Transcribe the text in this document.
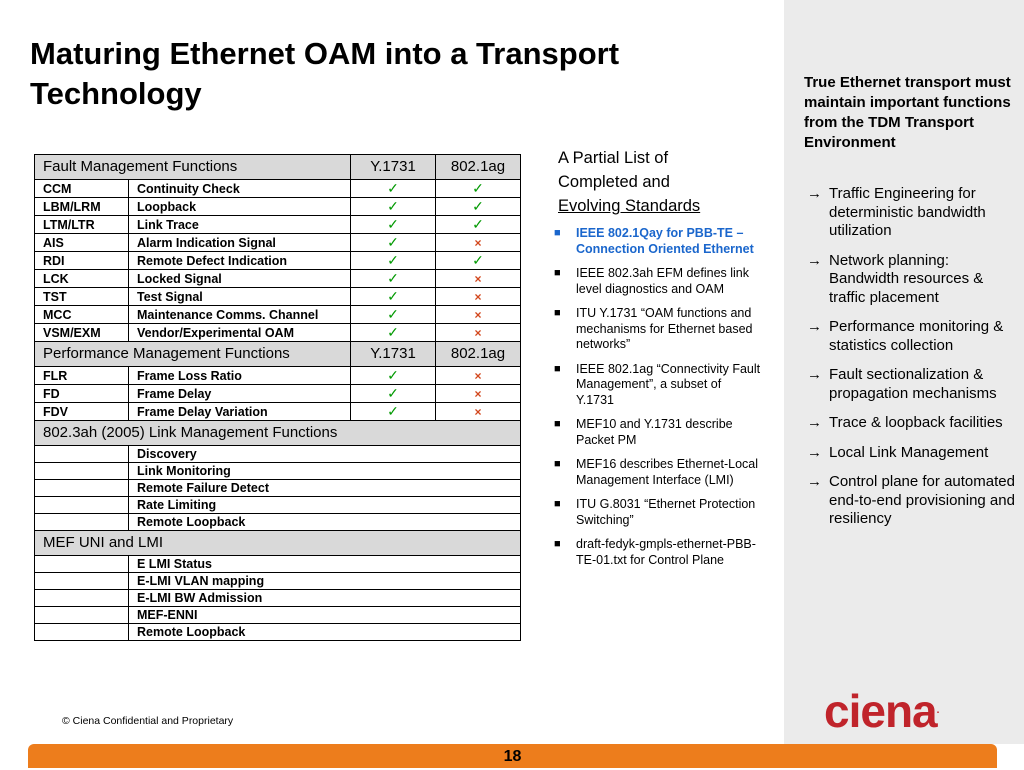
Maturing Ethernet OAM into a Transport Technology
Fault Management Functions		Y.1731	802.1ag
CCM	Continuity Check	✓	✓
LBM/LRM	Loopback	✓	✓
LTM/LTR	Link Trace	✓	✓
AIS	Alarm Indication Signal	✓	×
RDI	Remote Defect Indication	✓	✓
LCK	Locked Signal	✓	×
TST	Test Signal	✓	×
MCC	Maintenance Comms. Channel	✓	×
VSM/EXM	Vendor/Experimental OAM	✓	×
Performance Management Functions		Y.1731	802.1ag
FLR	Frame Loss Ratio	✓	×
FD	Frame Delay	✓	×
FDV	Frame Delay Variation	✓	×
802.3ah (2005) Link Management Functions			
	Discovery		
	Link Monitoring		
	Remote Failure Detect		
	Rate Limiting		
	Remote Loopback		
MEF UNI and LMI			
	E LMI Status		
	E-LMI VLAN mapping		
	E-LMI BW Admission		
	MEF-ENNI		
	Remote Loopback		
A Partial List of
Completed and
Evolving Standards
■ IEEE 802.1Qay for PBB-TE – Connection Oriented Ethernet
■ IEEE 802.3ah EFM defines link level diagnostics and OAM
■ ITU Y.1731 “OAM functions and mechanisms for Ethernet based networks”
■ IEEE 802.1ag “Connectivity Fault Management”, a subset of Y.1731
■ MEF10 and Y.1731 describe Packet PM
■ MEF16 describes Ethernet-Local Management Interface (LMI)
■ ITU G.8031 “Ethernet Protection Switching”
■ draft-fedyk-gmpls-ethernet-PBB-TE-01.txt for Control Plane
True Ethernet transport must maintain important functions from the TDM Transport Environment
→ Traffic Engineering for deterministic bandwidth utilization
→ Network planning: Bandwidth resources & traffic placement
→ Performance monitoring & statistics collection
→ Fault sectionalization & propagation mechanisms
→ Trace & loopback facilities
→ Local Link Management
→ Control plane for automated end-to-end provisioning and resiliency
ciena.
© Ciena Confidential and Proprietary
18
